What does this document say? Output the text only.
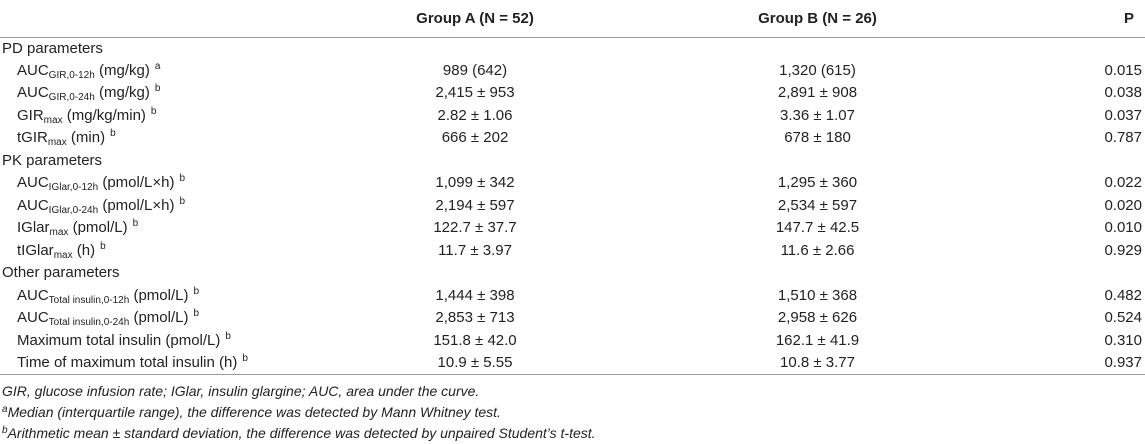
	Group A (N = 52)	Group B (N = 26)	P
PD parameters			
$AUC_{GIR,0-12h}$ (mg/kg) $^a$	989 (642)	1,320 (615)	0.015
$AUC_{GIR,0-24h}$ (mg/kg) $^b$	2,415 ± 953	2,891 ± 908	0.038
$GIR_{max}$ (mg/kg/min) $^b$	2.82 ± 1.06	3.36 ± 1.07	0.037
tGIR$_{max}$ (min) $^b$	666 ± 202	678 ± 180	0.787
PK parameters			
$AUC_{IGlar,0-12h}$ (pmol/L×h) $^b$	1,099 ± 342	1,295 ± 360	0.022
$AUC_{IGlar,0-24h}$ (pmol/L×h) $^b$	2,194 ± 597	2,534 ± 597	0.020
IGlar$_{max}$ (pmol/L) $^b$	122.7 ± 37.7	147.7 ± 42.5	0.010
tIGlar$_{max}$ (h) $^b$	11.7 ± 3.97	11.6 ± 2.66	0.929
Other parameters			
$AUC_{Total insulin,0-12h}$ (pmol/L) $^b$	1,444 ± 398	1,510 ± 368	0.482
$AUC_{Total insulin,0-24h}$ (pmol/L) $^b$	2,853 ± 713	2,958 ± 626	0.524
Maximum total insulin (pmol/L) $^b$	151.8 ± 42.0	162.1 ± 41.9	0.310
Time of maximum total insulin (h) $^b$	10.9 ± 5.55	10.8 ± 3.77	0.937
GIR, glucose infusion rate; IGlar, insulin glargine; AUC, area under the curve.
$^a$Median (interquartile range), the difference was detected by Mann Whitney test.
$^b$Arithmetic mean ± standard deviation, the difference was detected by unpaired Student’s t-test.
